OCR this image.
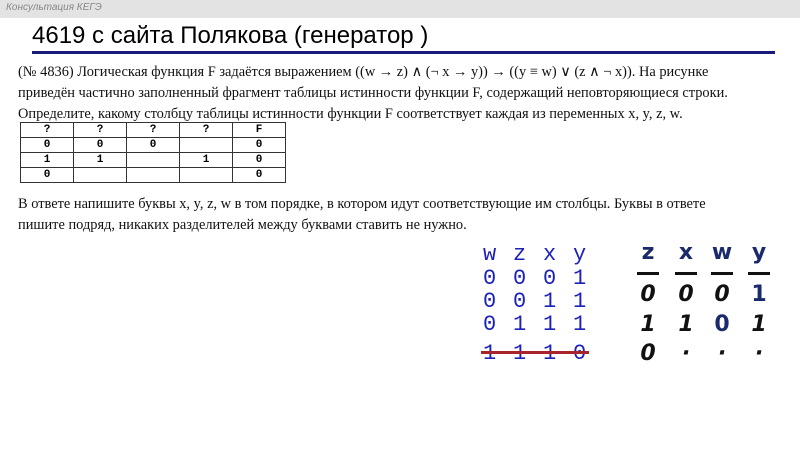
Консультация КЕГЭ
4619 с сайта Полякова (генератор )
(№ 4836) Логическая функция F задаётся выражением ((w → z) ∧ (¬ x → y)) → ((y ≡ w) ∨ (z ∧ ¬ x)). На рисунке
приведён частично заполненный фрагмент таблицы истинности функции F, содержащий неповторяющиеся строки.
Определите, какому столбцу таблицы истинности функции F соответствует каждая из переменных x, y, z, w.
?	?	?	?	F
0	0	0		0
1	1		1	0
0				0
В ответе напишите буквы x, y, z, w в том порядке, в котором идут соответствующие им столбцы. Буквы в ответе
пишите подряд, никаких разделителей между буквами ставить не нужно.
w z x y
0 0 0 1
0 0 1 1
0 1 1 1
z	x w y
0	0 0 1
1	1 0 1
0	·	·	·
